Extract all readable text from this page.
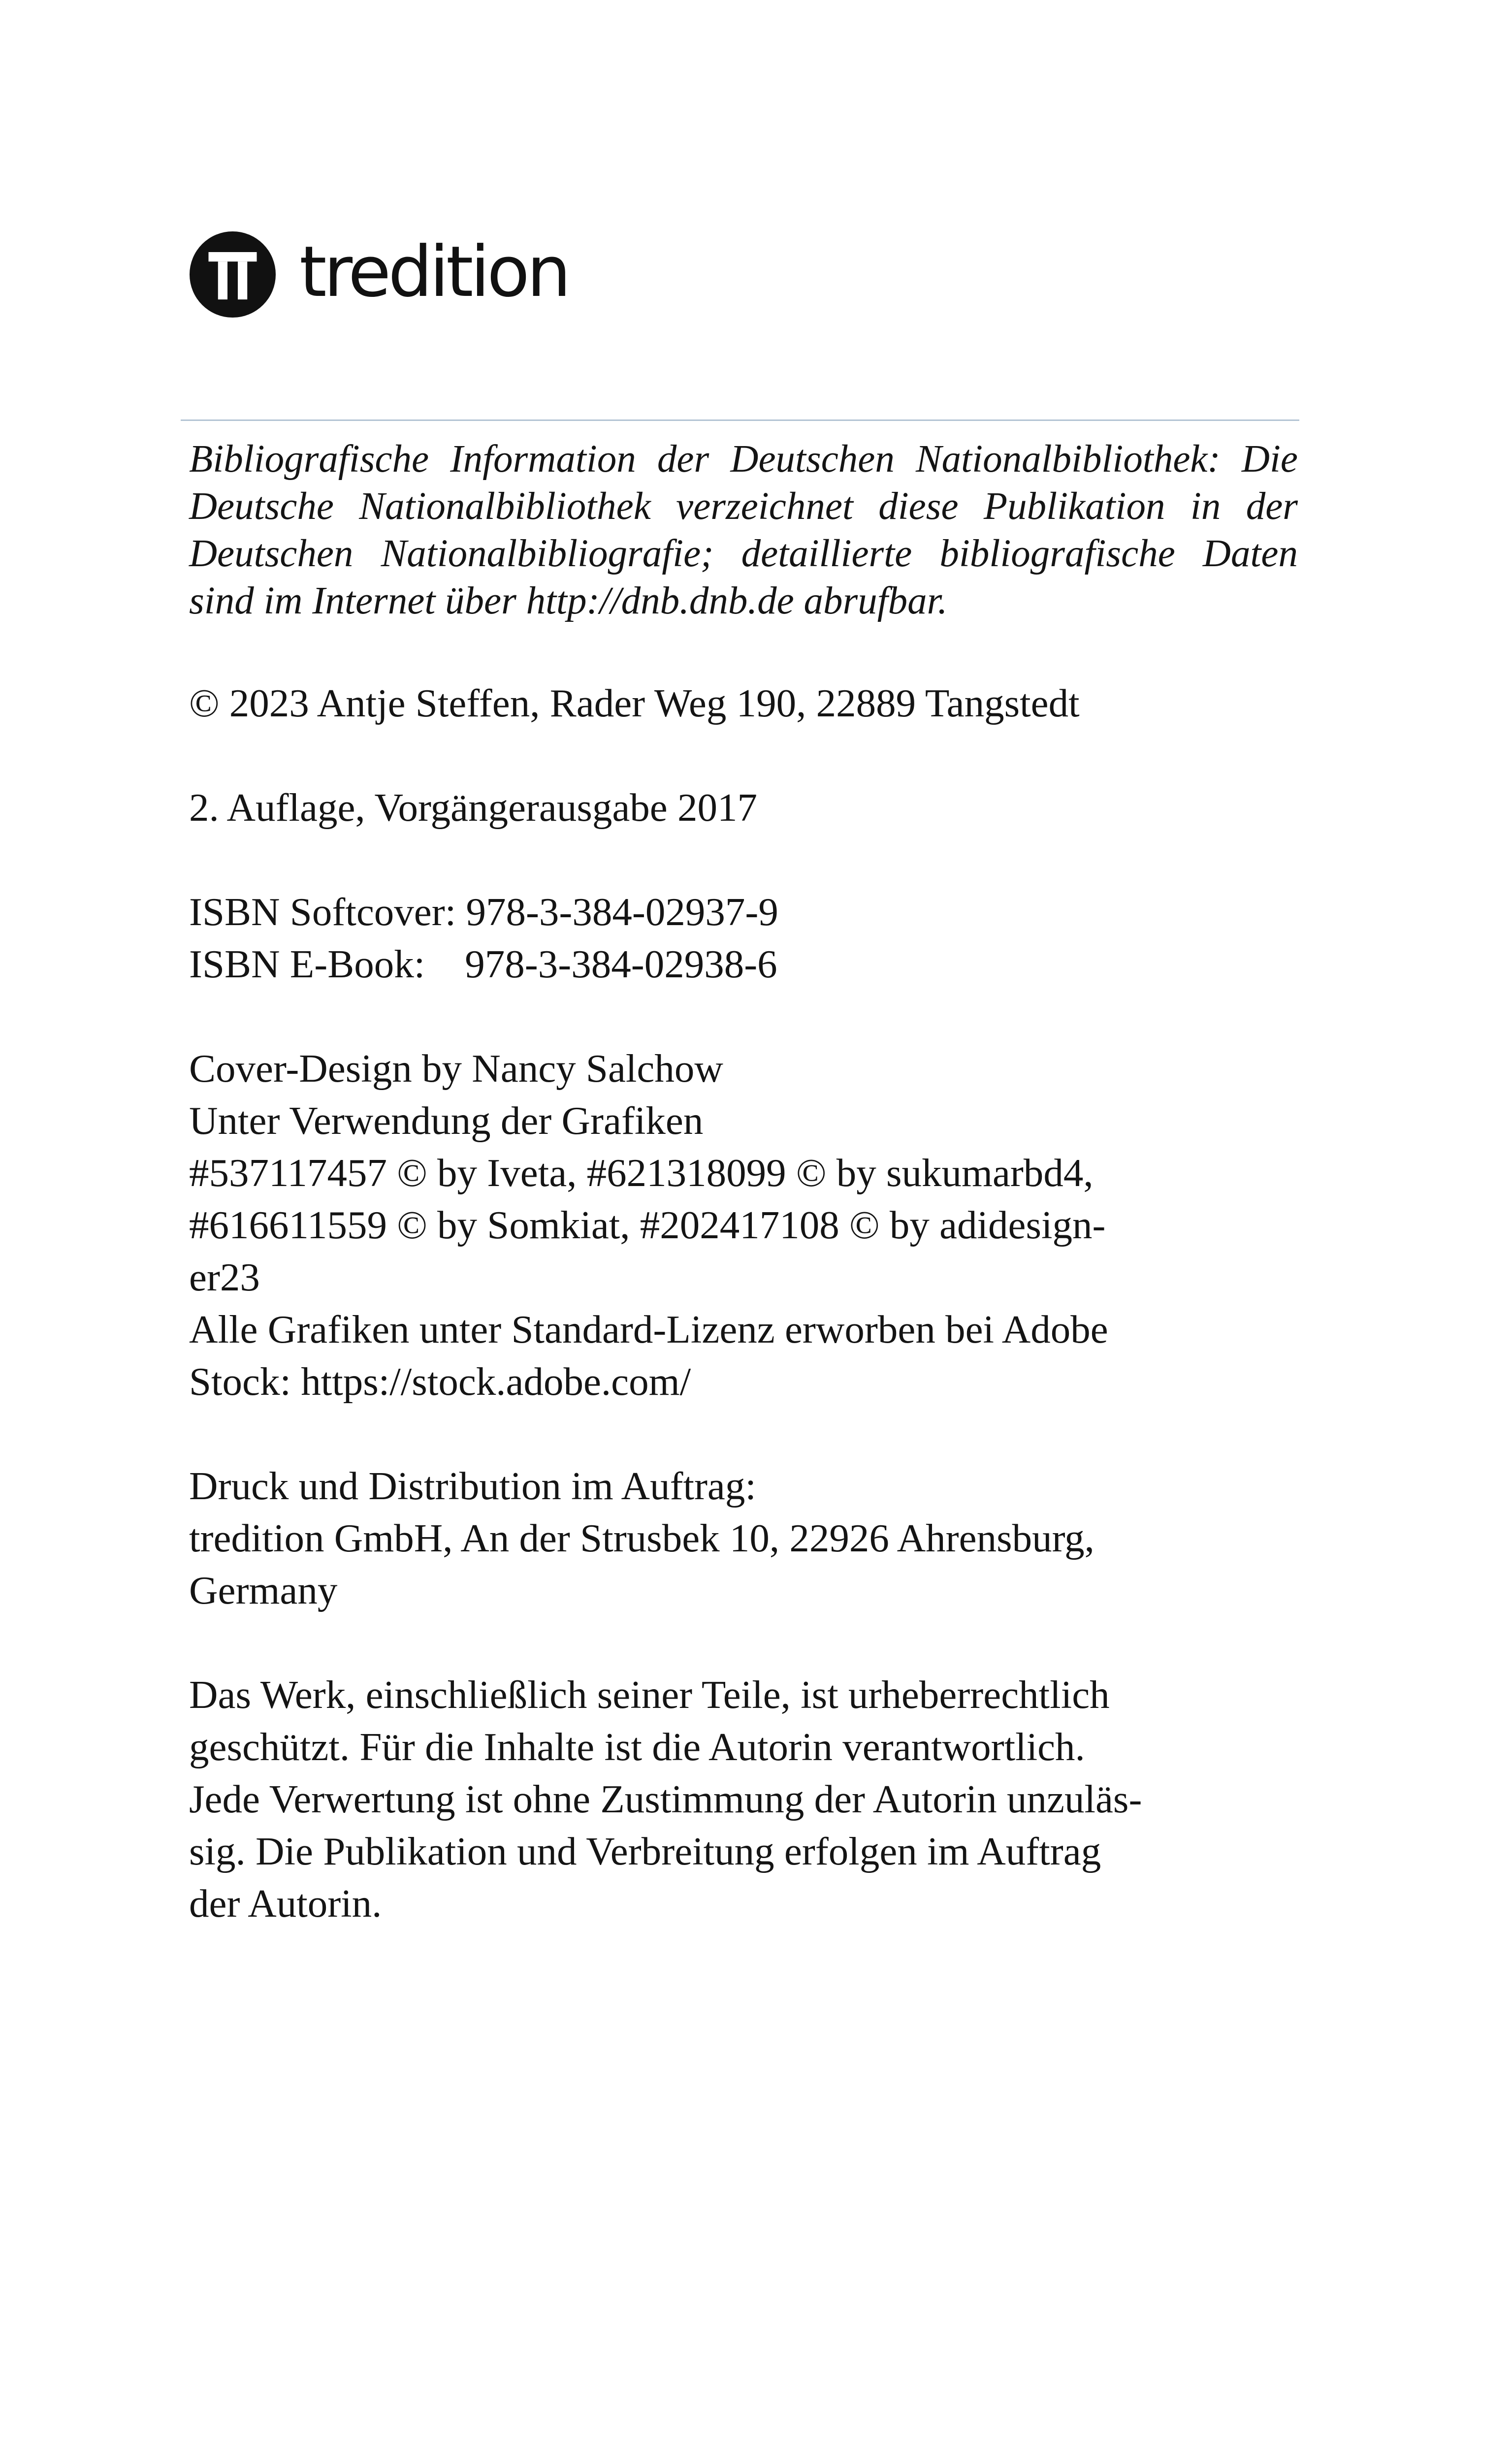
tredition

Bibliografische Information der Deutschen Nationalbibliothek: Die Deutsche Nationalbibliothek verzeichnet diese Publikation in der Deutschen Nationalbibliografie; detaillierte bibliografische Daten sind im Internet über http://dnb.dnb.de abrufbar.

© 2023 Antje Steffen, Rader Weg 190, 22889 Tangstedt

2. Auflage, Vorgängerausgabe 2017

ISBN Softcover: 978-3-384-02937-9

ISBN E-Book: 978-3-384-02938-6

Cover-Design by Nancy Salchow

Unter Verwendung der Grafiken

#537117457 © by Iveta, #621318099 © by sukumarbd4,

#616611559 © by Somkiat, #202417108 © by adidesign-

er23

Alle Grafiken unter Standard-Lizenz erworben bei Adobe

Stock: https://stock.adobe.com/

Druck und Distribution im Auftrag:

tredition GmbH, An der Strusbek 10, 22926 Ahrensburg,

Germany

Das Werk, einschließlich seiner Teile, ist urheberrechtlich

geschützt. Für die Inhalte ist die Autorin verantwortlich.

Jede Verwertung ist ohne Zustimmung der Autorin unzuläs-

sig. Die Publikation und Verbreitung erfolgen im Auftrag

der Autorin.
